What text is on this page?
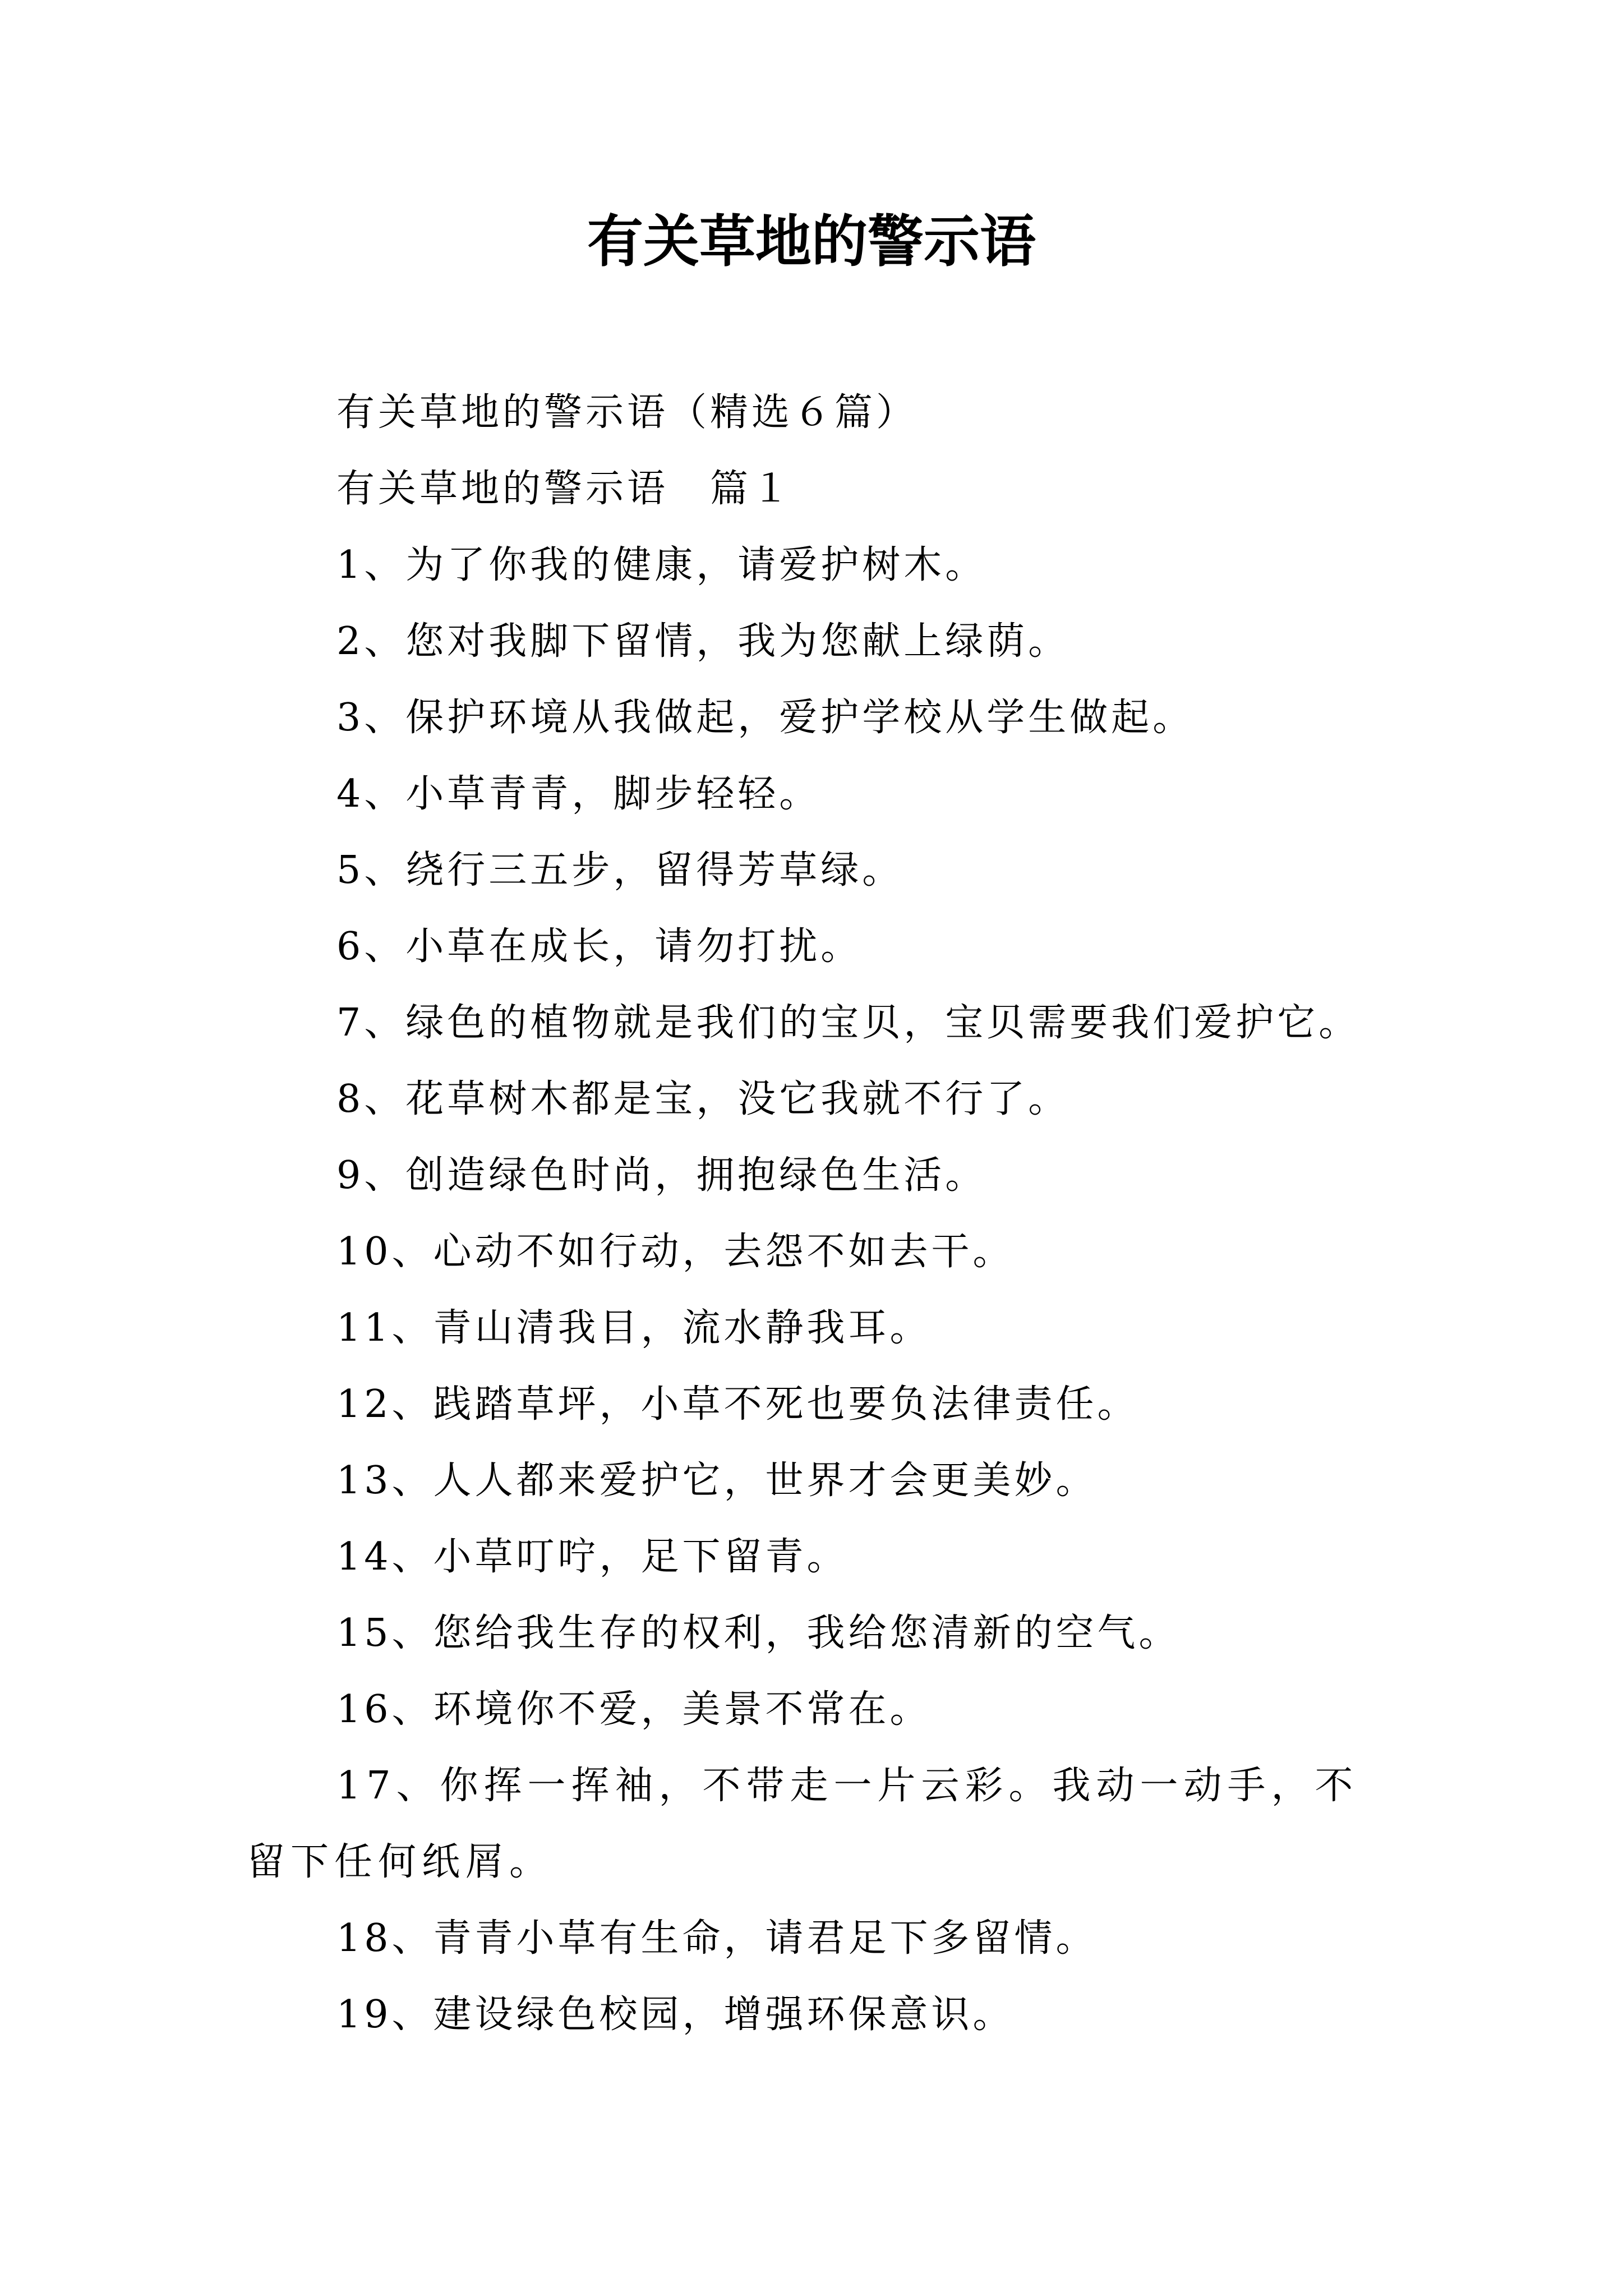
有关草地的警示语

有关草地的警示语（精选６篇）

有关草地的警示语　篇１

1、为了你我的健康，请爱护树木。

2、您对我脚下留情，我为您献上绿荫。

3、保护环境从我做起，爱护学校从学生做起。

4、小草青青，脚步轻轻。

5、绕行三五步，留得芳草绿。

6、小草在成长，请勿打扰。

7、绿色的植物就是我们的宝贝，宝贝需要我们爱护它。

8、花草树木都是宝，没它我就不行了。

9、创造绿色时尚，拥抱绿色生活。

10、心动不如行动，去怨不如去干。

11、青山清我目，流水静我耳。

12、践踏草坪，小草不死也要负法律责任。

13、人人都来爱护它，世界才会更美妙。

14、小草叮咛，足下留青。

15、您给我生存的权利，我给您清新的空气。

16、环境你不爱，美景不常在。

17、你挥一挥袖，不带走一片云彩。我动一动手，不留下任何纸屑。

18、青青小草有生命，请君足下多留情。

19、建设绿色校园，增强环保意识。
